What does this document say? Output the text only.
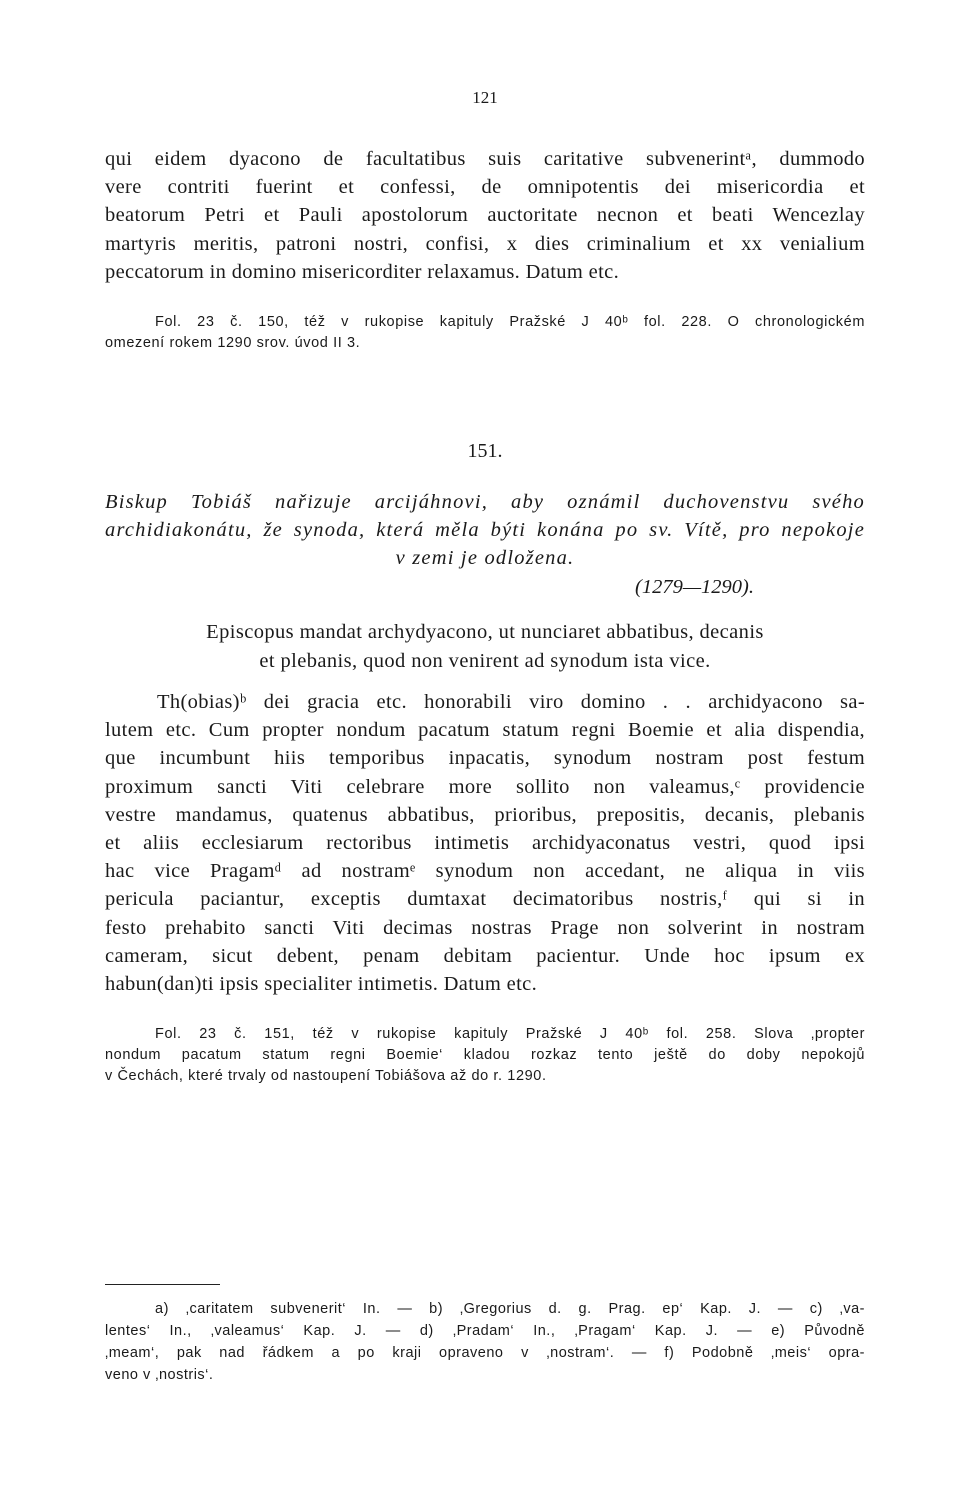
121

qui eidem dyacono de facultatibus suis caritative subvenerintᵃ, dummodo
vere contriti fuerint et confessi, de omnipotentis dei misericordia et
beatorum Petri et Pauli apostolorum auctoritate necnon et beati Wencezlay
martyris meritis, patroni nostri, confisi, x dies criminalium et xx venialium
peccatorum in domino misericorditer relaxamus. Datum etc.

Fol. 23 č. 150, též v rukopise kapituly Pražské J 40ᵇ fol. 228. O chronologickém
omezení rokem 1290 srov. úvod II 3.

151.
Biskup Tobiáš nařizuje arcijáhnovi, aby oznámil duchovenstvu svého
archidiakonátu, že synoda, která měla býti konána po sv. Vítě, pro nepokoje
v zemi je odložena.
(1279—1290).
Episcopus mandat archydyacono, ut nunciaret abbatibus, decanis
et plebanis, quod non venirent ad synodum ista vice.

Th(obias)ᵇ dei gracia etc. honorabili viro domino . . archidyacono sa-
lutem etc. Cum propter nondum pacatum statum regni Boemie et alia dispendia,
que incumbunt hiis temporibus inpacatis, synodum nostram post festum
proximum sancti Viti celebrare more sollito non valeamus,ᶜ providencie
vestre mandamus, quatenus abbatibus, prioribus, prepositis, decanis, plebanis
et aliis ecclesiarum rectoribus intimetis archidyaconatus vestri, quod ipsi
hac vice Pragamᵈ ad nostramᵉ synodum non accedant, ne aliqua in viis
pericula paciantur, exceptis dumtaxat decimatoribus nostris,ᶠ qui si in
festo prehabito sancti Viti decimas nostras Prage non solverint in nostram
cameram, sicut debent, penam debitam pacientur. Unde hoc ipsum ex
habun(dan)ti ipsis specialiter intimetis. Datum etc.

Fol. 23 č. 151, též v rukopise kapituly Pražské J 40ᵇ fol. 258. Slova ‚propter
nondum pacatum statum regni Boemie‘ kladou rozkaz tento ještě do doby nepokojů
v Čechách, které trvaly od nastoupení Tobiášova až do r. 1290.

a) ‚caritatem subvenerit‘ In. — b) ‚Gregorius d. g. Prag. ep‘ Kap. J. — c) ‚va-
lentes‘ In., ‚valeamus‘ Kap. J. — d) ‚Pradam‘ In., ‚Pragam‘ Kap. J. — e) Původně
‚meam‘, pak nad řádkem a po kraji opraveno v ‚nostram‘. — f) Podobně ‚meis‘ opra-
veno v ‚nostris‘.
